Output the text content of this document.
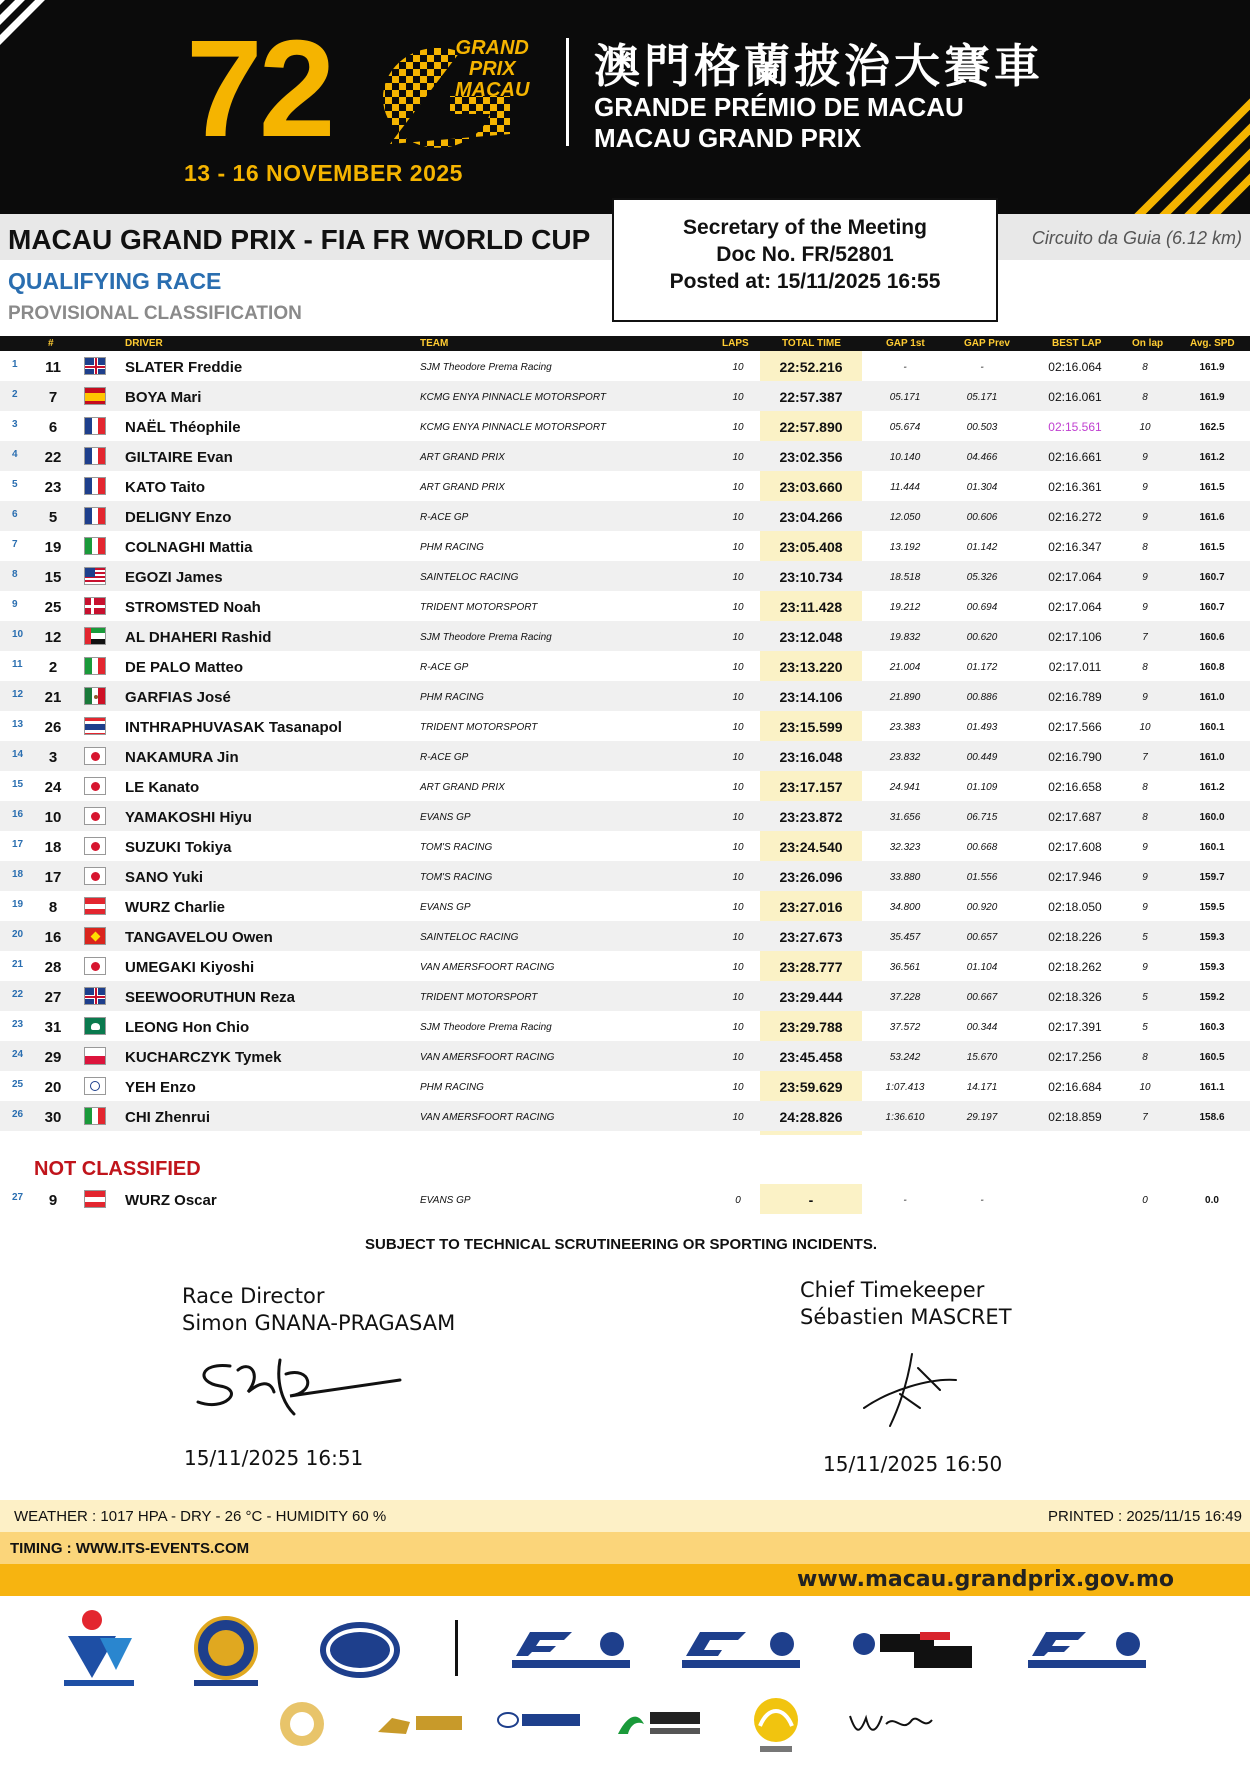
72	GRAND
PRIX
MACAU
13 - 16 NOVEMBER 2025
澳門格蘭披治大賽車
GRANDE PRÉMIO DE MACAU
MACAU GRAND PRIX
MACAU GRAND PRIX - FIA FR WORLD CUP
QUALIFYING RACE
PROVISIONAL CLASSIFICATION
Secretary of the Meeting
Doc No. FR/52801
Posted at: 15/11/2025 16:55
Circuito da Guia (6.12 km)
#	DRIVER	TEAM	LAPS	TOTAL TIME	GAP 1st	GAP Prev	BEST LAP	On lap	Avg. SPD
1	11	SLATER Freddie	SJM Theodore Prema Racing	10	22:52.216	-	-	02:16.064	8	161.9
2	7	BOYA Mari	KCMG ENYA PINNACLE MOTORSPORT	10	22:57.387	05.171	05.171	02:16.061	8	161.9
3	6	NAËL Théophile	KCMG ENYA PINNACLE MOTORSPORT	10	22:57.890	05.674	00.503	02:15.561	10	162.5
4	22	GILTAIRE Evan	ART GRAND PRIX	10	23:02.356	10.140	04.466	02:16.661	9	161.2
5	23	KATO Taito	ART GRAND PRIX	10	23:03.660	11.444	01.304	02:16.361	9	161.5
6	5	DELIGNY Enzo	R-ACE GP	10	23:04.266	12.050	00.606	02:16.272	9	161.6
7	19	COLNAGHI Mattia	PHM RACING	10	23:05.408	13.192	01.142	02:16.347	8	161.5
8	15	EGOZI James	SAINTELOC RACING	10	23:10.734	18.518	05.326	02:17.064	9	160.7
9	25	STROMSTED Noah	TRIDENT MOTORSPORT	10	23:11.428	19.212	00.694	02:17.064	9	160.7
10	12	AL DHAHERI Rashid	SJM Theodore Prema Racing	10	23:12.048	19.832	00.620	02:17.106	7	160.6
11	2	DE PALO Matteo	R-ACE GP	10	23:13.220	21.004	01.172	02:17.011	8	160.8
12	21	GARFIAS José	PHM RACING	10	23:14.106	21.890	00.886	02:16.789	9	161.0
13	26	INTHRAPHUVASAK Tasanapol	TRIDENT MOTORSPORT	10	23:15.599	23.383	01.493	02:17.566	10	160.1
14	3	NAKAMURA Jin	R-ACE GP	10	23:16.048	23.832	00.449	02:16.790	7	161.0
15	24	LE Kanato	ART GRAND PRIX	10	23:17.157	24.941	01.109	02:16.658	8	161.2
16	10	YAMAKOSHI Hiyu	EVANS GP	10	23:23.872	31.656	06.715	02:17.687	8	160.0
17	18	SUZUKI Tokiya	TOM'S RACING	10	23:24.540	32.323	00.668	02:17.608	9	160.1
18	17	SANO Yuki	TOM'S RACING	10	23:26.096	33.880	01.556	02:17.946	9	159.7
19	8	WURZ Charlie	EVANS GP	10	23:27.016	34.800	00.920	02:18.050	9	159.5
20	16	TANGAVELOU Owen	SAINTELOC RACING	10	23:27.673	35.457	00.657	02:18.226	5	159.3
21	28	UMEGAKI Kiyoshi	VAN AMERSFOORT RACING	10	23:28.777	36.561	01.104	02:18.262	9	159.3
22	27	SEEWOORUTHUN Reza	TRIDENT MOTORSPORT	10	23:29.444	37.228	00.667	02:18.326	5	159.2
23	31	LEONG Hon Chio	SJM Theodore Prema Racing	10	23:29.788	37.572	00.344	02:17.391	5	160.3
24	29	KUCHARCZYK Tymek	VAN AMERSFOORT RACING	10	23:45.458	53.242	15.670	02:17.256	8	160.5
25	20	YEH Enzo	PHM RACING	10	23:59.629	1:07.413	14.171	02:16.684	10	161.1
26	30	CHI Zhenrui	VAN AMERSFOORT RACING	10	24:28.826	1:36.610	29.197	02:18.859	7	158.6
NOT CLASSIFIED
27	9	WURZ Oscar	EVANS GP	0	-	-	-	0	0.0
SUBJECT TO TECHNICAL SCRUTINEERING OR SPORTING INCIDENTS.
Race Director
Simon GNANA-PRAGASAM
15/11/2025 16:51
Chief Timekeeper
Sébastien MASCRET
15/11/2025 16:50
WEATHER : 1017 HPA - DRY - 26 °C - HUMIDITY 60 %	PRINTED : 2025/11/15 16:49
TIMING : WWW.ITS-EVENTS.COM
www.macau.grandprix.gov.mo
